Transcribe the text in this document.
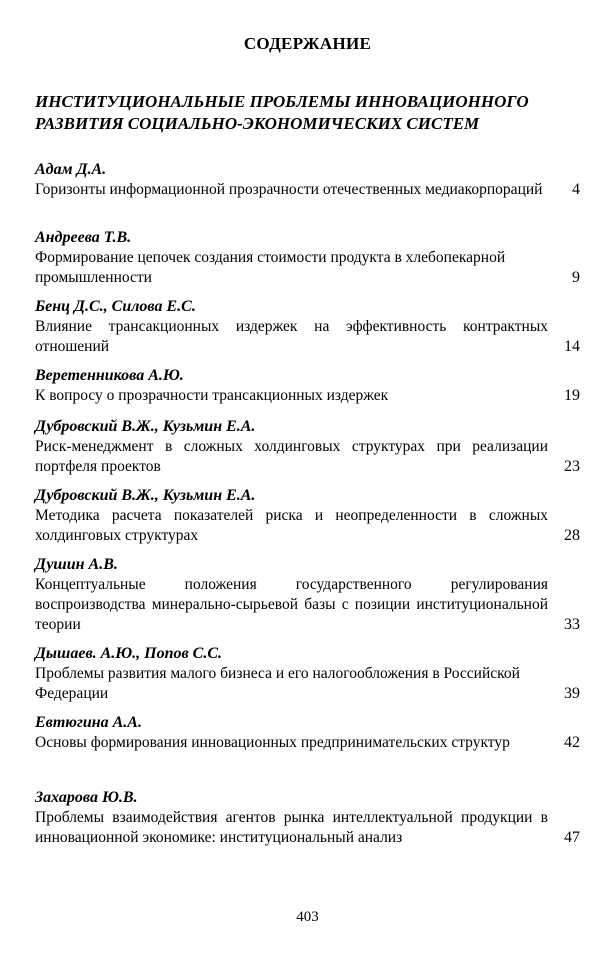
СОДЕРЖАНИЕ
ИНСТИТУЦИОНАЛЬНЫЕ ПРОБЛЕМЫ ИННОВАЦИОННОГО РАЗВИТИЯ СОЦИАЛЬНО-ЭКОНОМИЧЕСКИХ СИСТЕМ
Адам Д.А.
Горизонты информационной прозрачности отечественных медиакорпораций	4
Андреева Т.В.
Формирование цепочек создания стоимости продукта в хлебопекарной промышленности	9
Бенц Д.С., Силова Е.С.
Влияние трансакционных издержек на эффективность контрактных отношений	14
Веретенникова А.Ю.
К вопросу о прозрачности трансакционных издержек	19
Дубровский В.Ж., Кузьмин Е.А.
Риск-менеджмент в сложных холдинговых структурах при реализации портфеля проектов	23
Дубровский В.Ж., Кузьмин Е.А.
Методика расчета показателей риска и неопределенности в сложных холдинговых структурах	28
Душин А.В.
Концептуальные положения государственного регулирования воспроизводства минерально-сырьевой базы с позиции институциональной теории	33
Дышаев. А.Ю., Попов С.С.
Проблемы развития малого бизнеса и его налогообложения в Российской Федерации	39
Евтюгина А.А.
Основы формирования инновационных предпринимательских структур	42
Захарова Ю.В.
Проблемы взаимодействия агентов рынка интеллектуальной продукции в инновационной экономике: институциональный анализ	47
403
